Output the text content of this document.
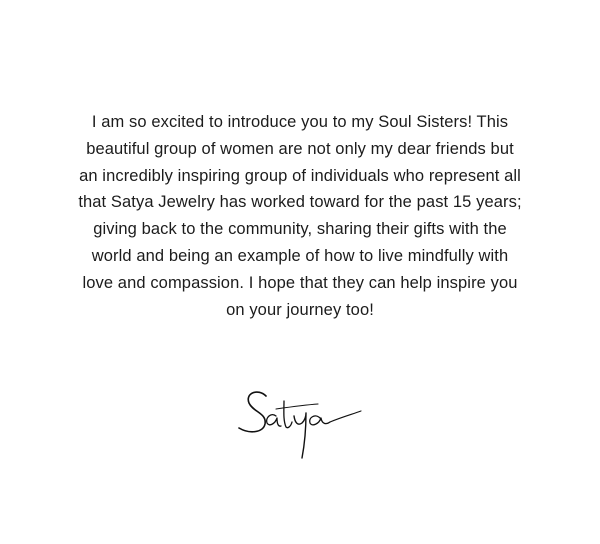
I am so excited to introduce you to my Soul Sisters! This
beautiful group of women are not only my dear friends but
an incredibly inspiring group of individuals who represent all
that Satya Jewelry has worked toward for the past 15 years;
giving back to the community, sharing their gifts with the
world and being an example of how to live mindfully with
love and compassion. I hope that they can help inspire you
on your journey too!
